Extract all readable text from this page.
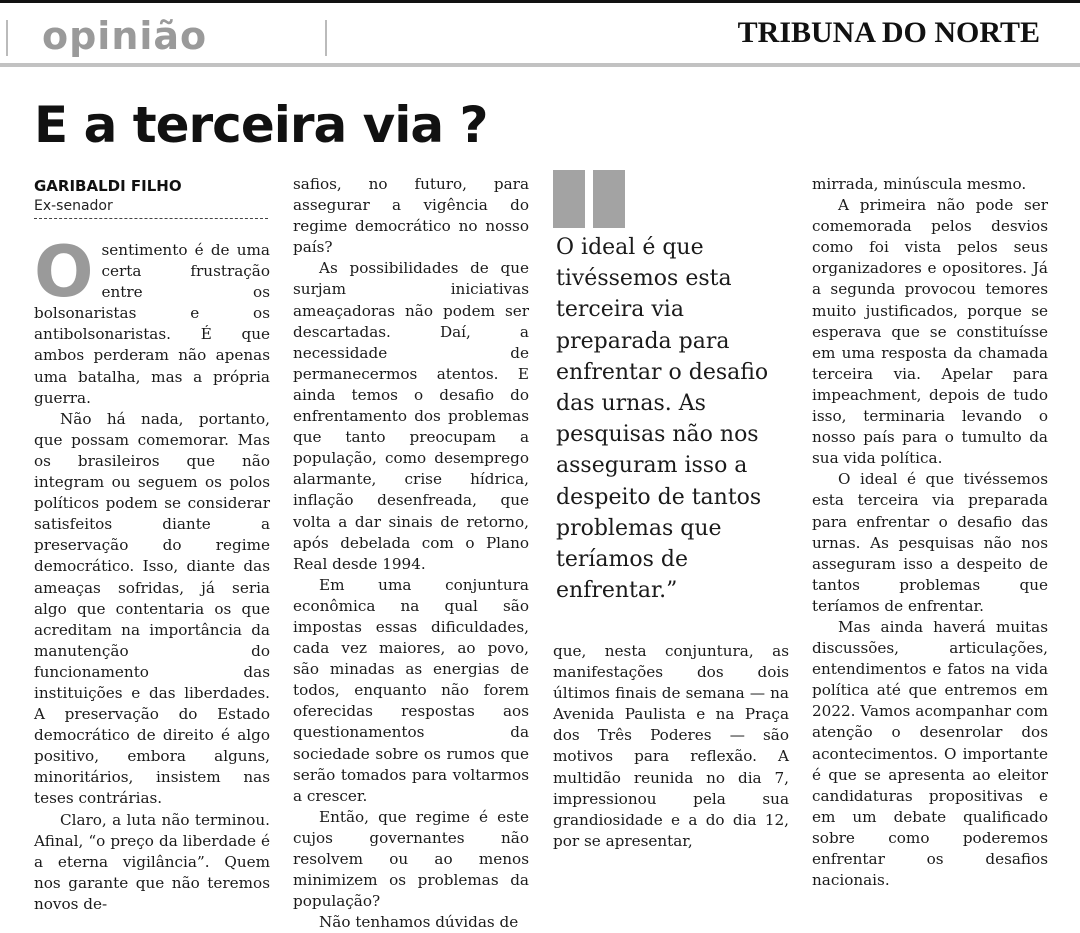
opinião	TRIBUNA DO NORTE
E a terceira via ?
GARIBALDI FILHO
Ex-senador

Osentimento é de uma certa frustração entre os bolsonaristas e os antibolsonaristas. É que ambos perderam não apenas uma batalha, mas a própria guerra.

Não há nada, portanto, que possam comemorar. Mas os brasileiros que não integram ou seguem os polos políticos podem se considerar satisfeitos diante a preservação do regime democrático. Isso, diante das ameaças sofridas, já seria algo que contentaria os que acreditam na importância da manutenção do funcionamento das instituições e das liberdades. A preservação do Estado democrático de direito é algo positivo, embora alguns, minoritários, insistem nas teses contrárias.

Claro, a luta não terminou. Afinal, “o preço da liberdade é a eterna vigilância”. Quem nos garante que não teremos novos de-

safios, no futuro, para assegurar a vigência do regime democrático no nosso país?

As possibilidades de que surjam iniciativas ameaçadoras não podem ser descartadas. Daí, a necessidade de permanecermos atentos. E ainda temos o desafio do enfrentamento dos problemas que tanto preocupam a população, como desemprego alarmante, crise hídrica, inflação desenfreada, que volta a dar sinais de retorno, após debelada com o Plano Real desde 1994.

Em uma conjuntura econômica na qual são impostas essas dificuldades, cada vez maiores, ao povo, são minadas as energias de todos, enquanto não forem oferecidas respostas aos questionamentos da sociedade sobre os rumos que serão tomados para voltarmos a crescer.

Então, que regime é este cujos governantes não resolvem ou ao menos minimizem os problemas da população?

Não tenhamos dúvidas de

O ideal é que tivéssemos esta terceira via preparada para enfrentar o desafio das urnas. As pesquisas não nos asseguram isso a despeito de tantos problemas que teríamos de enfrentar.”

que, nesta conjuntura, as manifestações dos dois últimos finais de semana — na Avenida Paulista e na Praça dos Três Poderes — são motivos para reflexão. A multidão reunida no dia 7, impressionou pela sua grandiosidade e a do dia 12, por se apresentar,

mirrada, minúscula mesmo.

A primeira não pode ser comemorada pelos desvios como foi vista pelos seus organizadores e opositores. Já a segunda provocou temores muito justificados, porque se esperava que se constituísse em uma resposta da chamada terceira via. Apelar para impeachment, depois de tudo isso, terminaria levando o nosso país para o tumulto da sua vida política.

O ideal é que tivéssemos esta terceira via preparada para enfrentar o desafio das urnas. As pesquisas não nos asseguram isso a despeito de tantos problemas que teríamos de enfrentar.

Mas ainda haverá muitas discussões, articulações, entendimentos e fatos na vida política até que entremos em 2022. Vamos acompanhar com atenção o desenrolar dos acontecimentos. O importante é que se apresenta ao eleitor candidaturas propositivas e em um debate qualificado sobre como poderemos enfrentar os desafios nacionais.
